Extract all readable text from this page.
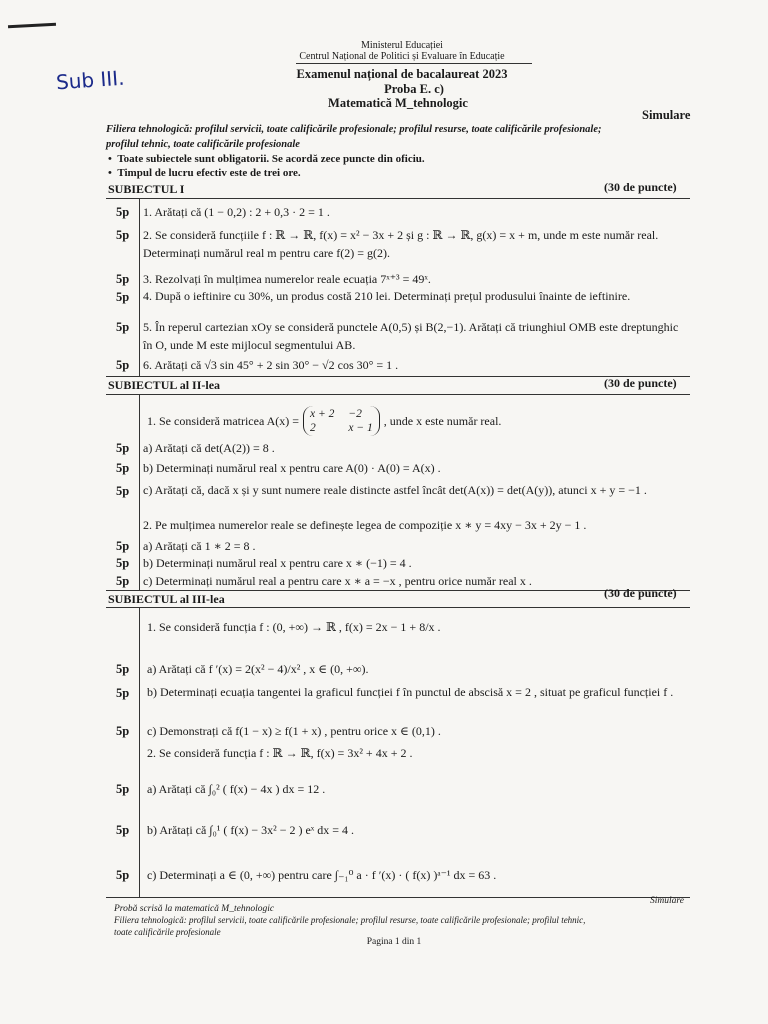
Sub III.
Ministerul Educației
Centrul Național de Politici și Evaluare în Educație
Examenul național de bacalaureat 2023
Proba E. c)
Matematică M_tehnologic
Simulare
Filiera tehnologică: profilul servicii, toate calificările profesionale; profilul resurse, toate calificările profesionale;
profilul tehnic, toate calificările profesionale
•  Toate subiectele sunt obligatorii. Se acordă zece puncte din oficiu.
•  Timpul de lucru efectiv este de trei ore.
SUBIECTUL I	(30 de puncte)
5p	1. Arătați că (1 − 0,2) : 2 + 0,3 · 2 = 1 .
5p	2. Se consideră funcțiile f : ℝ → ℝ, f(x) = x² − 3x + 2 și g : ℝ → ℝ, g(x) = x + m, unde m este număr real. Determinați numărul real m pentru care f(2) = g(2).
5p	3. Rezolvați în mulțimea numerelor reale ecuația 7ˣ⁺³ = 49ˣ.
5p	4. După o ieftinire cu 30%, un produs costă 210 lei. Determinați prețul produsului înainte de ieftinire.
5p	5. În reperul cartezian xOy se consideră punctele A(0,5) și B(2,−1). Arătați că triunghiul OMB este dreptunghic în O, unde M este mijlocul segmentului AB.
5p	6. Arătați că √3 sin 45° + 2 sin 30° − √2 cos 30° = 1 .
SUBIECTUL al II-lea	(30 de puncte)
1. Se consideră matricea A(x) = x + 2 −2
2	x − 1
, unde x este număr real.
5p	a) Arătați că det(A(2)) = 8 .
5p	b) Determinați numărul real x pentru care A(0) · A(0) = A(x) .
5p	c) Arătați că, dacă x și y sunt numere reale distincte astfel încât det(A(x)) = det(A(y)), atunci x + y = −1 .
2. Pe mulțimea numerelor reale se definește legea de compoziție x ∗ y = 4xy − 3x + 2y − 1 .
5p	a) Arătați că 1 ∗ 2 = 8 .
5p	b) Determinați numărul real x pentru care x ∗ (−1) = 4 .
5p	c) Determinați numărul real a pentru care x ∗ a = −x , pentru orice număr real x .
SUBIECTUL al III-lea	(30 de puncte)
1. Se consideră funcția f : (0, +∞) → ℝ , f(x) = 2x − 1 + 8/x .
5p	a) Arătați că f ′(x) = 2(x² − 4)/x² , x ∈ (0, +∞).
5p	b) Determinați ecuația tangentei la graficul funcției f în punctul de abscisă x = 2 , situat pe graficul funcției f .
5p	c) Demonstrați că f(1 − x) ≥ f(1 + x) , pentru orice x ∈ (0,1) .
2. Se consideră funcția f : ℝ → ℝ, f(x) = 3x² + 4x + 2 .
5p	a) Arătați că ∫₀² ( f(x) − 4x ) dx = 12 .
5p	b) Arătați că ∫₀¹ ( f(x) − 3x² − 2 ) eˣ dx = 4 .
5p	c) Determinați a ∈ (0, +∞) pentru care ∫₋₁⁰ a · f ′(x) · ( f(x) )ᵃ⁻¹ dx = 63 .
Probă scrisă la matematică M_tehnologic
Simulare
Filiera tehnologică: profilul servicii, toate calificările profesionale; profilul resurse, toate calificările profesionale; profilul tehnic,
toate calificările profesionale
Pagina 1 din 1
